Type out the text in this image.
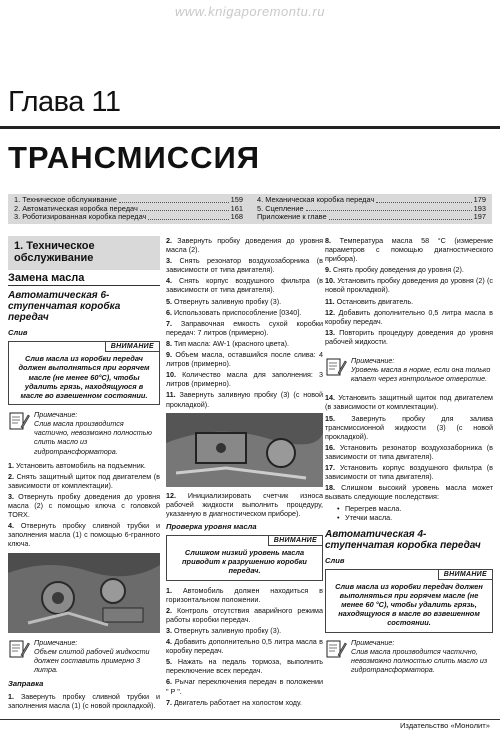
www.knigaporemontu.ru
Глава 11
ТРАНСМИССИЯ
1. Техническое обслуживание	159 4. Механическая коробка передач	179
2. Автоматическая коробка передач	161 5. Сцепление	193
3. Роботизированная коробка передач	168 Приложение к главе	197
1. Техническое обслуживание
Замена масла
Автоматическая 6-ступенчатая коробка передач
Слив
ВНИМАНИЕ
Слив масла из коробки передач должен выполняться при горячем масле (не менее 60°C), чтобы удалить грязь, находящуюся в масле во взвешенном состоянии.
Примечание:
Слив масла производится частично, невозможно полностью слить масло из гидротрансформатора.
1. Установить автомобиль на подъемник.
2. Снять защитный щиток под двигателем (в зависимости от комплектации).
3. Отвернуть пробку доведения до уровня масла (2) с помощью ключа с головкой TORX.
4. Отвернуть пробку сливной трубки и заполнения масла (1) с помощью 6-гранного ключа.
Примечание:
Объем слитой рабочей жидкости должен составить примерно 3 литра.
Заправка
1. Завернуть пробку сливной трубки и заполнения масла (1) (с новой прокладкой).
2. Завернуть пробку доведения до уровня масла (2).
3. Снять резонатор воздухозаборника (в зависимости от типа двигателя).
4. Снять корпус воздушного фильтра (в зависимости от типа двигателя).
5. Отвернуть заливную пробку (3).
6. Использовать приспособление [0340].
7. Заправочная емкость сухой коробки передач: 7 литров (примерно).
8. Тип масла: AW-1 (красного цвета).
9. Объем масла, оставшийся после слива: 4 литров (примерно).
10. Количество масла для заполнения: 3 литров (примерно).
11. Завернуть заливную пробку (3) (с новой прокладкой).
12. Инициализировать счетчик износа рабочей жидкости выполнить процедуру, указанную в диагностическом приборе).
Проверка уровня масла
ВНИМАНИЕ
Слишком низкий уровень масла приводит к разрушению коробки передач.
1. Автомобиль должен находиться в горизонтальном положении.
2. Контроль отсутствия аварийного режима работы коробки передач.
3. Отвернуть заливную пробку (3).
4. Добавить дополнительно 0,5 литра масла в коробку передач.
5. Нажать на педаль тормоза, выполнить переключение всех передач.
6. Рычаг переключения передач в положении " P ".
7. Двигатель работает на холостом ходу.
8. Температура масла 58 °C (измерение параметров с помощью диагностического прибора).
9. Снять пробку доведения до уровня (2).
10. Установить пробку доведения до уровня (2) (с новой прокладкой).
11. Остановить двигатель.
12. Добавить дополнительно 0,5 литра масла в коробку передач.
13. Повторить процедуру доведения до уровня рабочей жидкости.
Примечание:
Уровень масла в норме, если она только капает через контрольное отверстие.
14. Установить защитный щиток под двигателем (в зависимости от комплектации).
15. Завернуть пробку для залива трансмиссионной жидкости (3) (с новой прокладкой).
16. Установить резонатор воздухозаборника (в зависимости от типа двигателя).
17. Установить корпус воздушного фильтра (в зависимости от типа двигателя).
18. Слишком высокий уровень масла может вызвать следующие последствия:
• Перегрев масла.
• Утечки масла.
Автоматическая 4-ступенчатая коробка передач
Слив
ВНИМАНИЕ
Слив масла из коробки передач должен выполняться при горячем масле (не менее 60 °C), чтобы удалить грязь, находящуюся в масле во взвешенном состоянии.
Примечание:
Слив масла производится частично, невозможно полностью слить масло из гидротрансформатора.
Издательство «Монолит»
